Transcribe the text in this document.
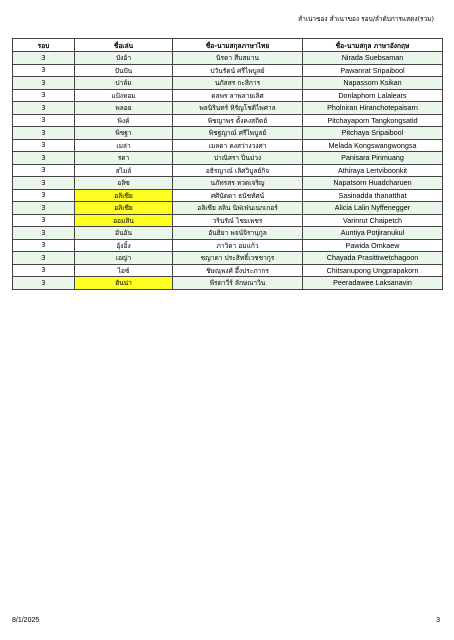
สำเนาของ สำเนาของ รอบ/ลำดับการแสดง(รวม)
รอบ	ชื่อเล่น	ชื่อ-นามสกุลภาษาไทย	ชื่อ-นามสกุล ภาษาอังกฤษ
3	บังอ้า	นิรดา สืบสมาน	Nirada Suebsaman
3	ปันปัน	ปวันรัตน์ ศรีไพบูลย์	Pawanrat Sripaibool
3	ปาล์ม	นภัสสร กะสิการ	Napassorn Ksikan
3	แป้งหอม	ดลพร ลาพลายเลิศ	Donlaphorn Lalalears
3	พลอย	พลนิรินทร์ หิรัญโชติไพศาล	Pholniran Hiranchotepaisarn
3	พิงค์	พิชญาพร ตั้งคงสถิตย์	Pitchayaporn Tangkongsatid
3	พิชฐา	พิชฐญาณ์ ศรีไพบูลย์	Pitchaya Sripaibool
3	เมล่า	เมลดา คงสว่างวงศา	Melada Kongswangwongsa
3	รดา	ปาณิสรา ปิ่นม่วง	Panisara Pinmuang
3	สไมล์	อธิรญาณ์ เลิศวิบูลย์กิจ	Athiraya Lertviboonkit
3	อลิซ	นภัทรสร หวดเจริญ	Napatsorn Huadcharuen
3	อลิเซีย	ศศินัดดา ธนัชทัศน์	Sasinadda thanatthat
3	อลิเซีย	อลิเซีย ลลิน นิฟเฟ่นเนกเกอร์	Alicia Lalin Nyffenegger
3	ออมสิน	วรินรัณ์ ไชยเพชร	Varinrut Chaipetch
3	อันอัน	อันธิยา พจน์จิรานุกูล	Auntiya Potjiranukul
3	อุ้งอิ้ง	ภาวิดา อมแก้ว	Pawida Omkaew
3	เอญ่า	ชญาดา ประสิทธิ์เวชชากูร	Chayada Prasittiwetchagoon
3	ไอซ์	ชิษณุพงศ์ อึ้งประภากร	Chitsanupong Ungprapakorn
3	ฮันน่า	พีรดาวีร์ ลักษณาวิน	Peeradawee Laksanavin
8/1/2025	3
